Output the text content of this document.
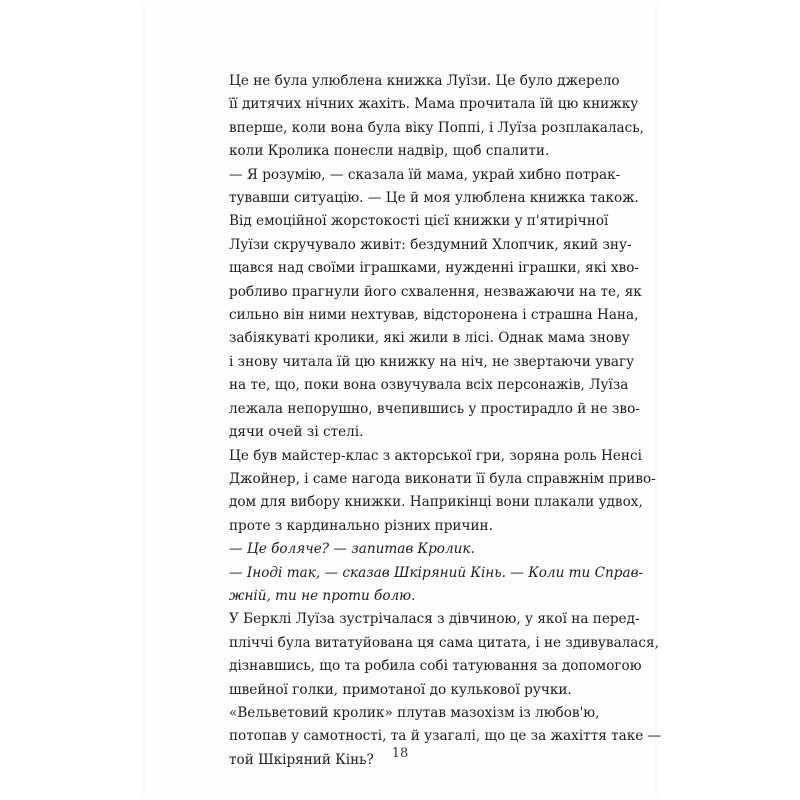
Це не була улюблена книжка Луїзи. Це було джерело
її дитячих нічних жахіть. Мама прочитала їй цю книжку
вперше, коли вона була віку Поппі, і Луїза розплакалась,
коли Кролика понесли надвір, щоб спалити.

— Я розумію, — сказала їй мама, украй хибно потрак-
тувавши ситуацію. — Це й моя улюблена книжка також.

Від емоційної жорстокості цієї книжки у п'ятирічної
Луїзи скручувало живіт: бездумний Хлопчик, який зну-
щався над своїми іграшками, нужденні іграшки, які хво-
робливо прагнули його схвалення, незважаючи на те, як
сильно він ними нехтував, відсторонена і страшна Нана,
забіякуваті кролики, які жили в лісі. Однак мама знову
і знову читала їй цю книжку на ніч, не звертаючи увагу
на те, що, поки вона озвучувала всіх персонажів, Луїза
лежала непорушно, вчепившись у простирадло й не зво-
дячи очей зі стелі.

Це був майстер-клас з акторської гри, зоряна роль Ненсі
Джойнер, і саме нагода виконати її була справжнім приво-
дом для вибору книжки. Наприкінці вони плакали удвох,
проте з кардинально різних причин.

— Це боляче? — запитав Кролик.

— Іноді так, — сказав Шкіряний Кінь. — Коли ти Справ-
жній, ти не проти болю.

У Берклі Луїза зустрічалася з дівчиною, у якої на перед-
пліччі була витатуйована ця сама цитата, і не здивувалася,
дізнавшись, що та робила собі татуювання за допомогою
швейної голки, примотаної до кулькової ручки.

«Вельветовий кролик» плутав мазохізм із любов'ю,
потопав у самотності, та й узагалі, що це за жахіття таке —
той Шкіряний Кінь?	18
